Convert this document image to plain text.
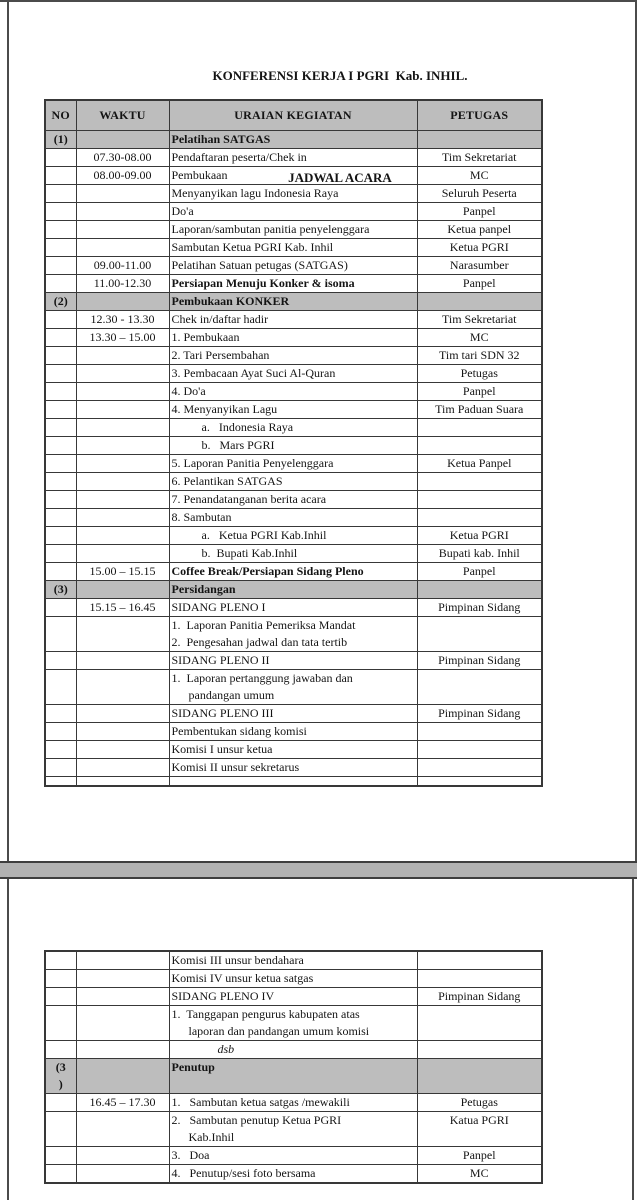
KONFERENSI KERJA I PGRI  Kab. INHIL.

JADWAL ACARA

NO	WAKTU	URAIAN KEGIATAN	PETUGAS

(1)		Pelatihan SATGAS	

	07.30-08.00	Pendaftaran peserta/Chek in	Tim Sekretariat
	08.00-09.00	Pembukaan	MC

		Menyanyikan lagu Indonesia Raya	Seluruh Peserta

		Do'a	Panpel

		Laporan/sambutan panitia penyelenggara	Ketua panpel

		Sambutan Ketua PGRI Kab. Inhil	Ketua PGRI
	09.00-11.00	Pelatihan Satuan petugas (SATGAS)	Narasumber
	11.00-12.30	Persiapan Menuju Konker & isoma	Panpel

(2)		Pembukaan KONKER	

	12.30 - 13.30	Chek in/daftar hadir	Tim Sekretariat
	13.30 – 15.00	1. Pembukaan	MC

		2. Tari Persembahan	Tim tari SDN 32

		3. Pembacaan Ayat Suci Al-Quran	Petugas

		4. Do'a	Panpel

		4. Menyanyikan Lagu	Tim Paduan Suara

		a.   Indonesia Raya	

		b.   Mars PGRI	

		5. Laporan Panitia Penyelenggara	Ketua Panpel

		6. Pelantikan SATGAS	

		7. Penandatanganan berita acara	

		8. Sambutan	

		a.   Ketua PGRI Kab.Inhil	Ketua PGRI

		b.  Bupati Kab.Inhil	Bupati kab. Inhil
	15.00 – 15.15	Coffee Break/Persiapan Sidang Pleno	Panpel

(3)		Persidangan	

	15.15 – 16.45	SIDANG PLENO I	Pimpinan Sidang

		1.  Laporan Panitia Pemeriksa Mandat
2.  Pengesahan jadwal dan tata tertib	

		SIDANG PLENO II	Pimpinan Sidang

		1.  Laporan pertanggung jawaban dan
pandangan umum	

		SIDANG PLENO III	Pimpinan Sidang

		Pembentukan sidang komisi	

		Komisi I unsur ketua	

		Komisi II unsur sekretarus	

		Komisi III unsur bendahara	

		Komisi IV unsur ketua satgas	

		SIDANG PLENO IV	Pimpinan Sidang

		1.  Tanggapan pengurus kabupaten atas
laporan dan pandangan umum komisi	

		dsb	

(3
)		Penutup	

	16.45 – 17.30	1.   Sambutan ketua satgas /mewakili	Petugas

		2.   Sambutan penutup Ketua PGRI
Kab.Inhil	Katua PGRI

		3.   Doa	Panpel

		4.   Penutup/sesi foto bersama	MC
